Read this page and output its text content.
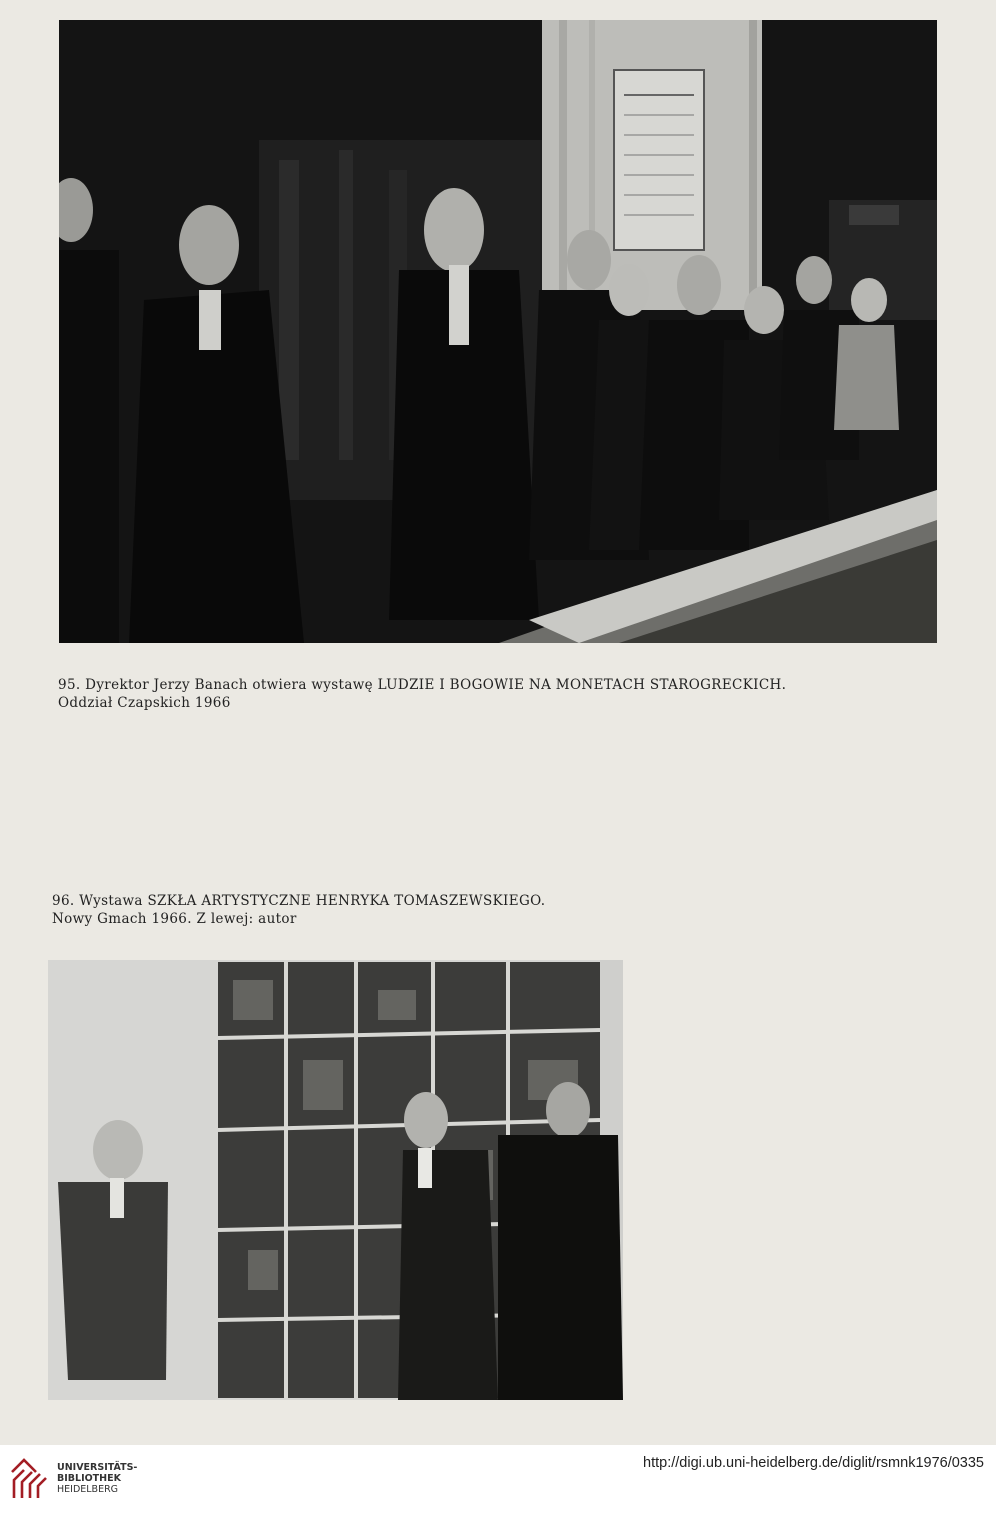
95. Dyrektor Jerzy Banach otwiera wystawę LUDZIE I BOGOWIE NA MONETACH STAROGRECKICH.
Oddział Czapskich 1966
96. Wystawa SZKŁA ARTYSTYCZNE HENRYKA TOMASZEWSKIEGO.
Nowy Gmach 1966. Z lewej: autor
UNIVERSITÄTS-
BIBLIOTHEK
HEIDELBERG
http://digi.ub.uni-heidelberg.de/diglit/rsmnk1976/0335
